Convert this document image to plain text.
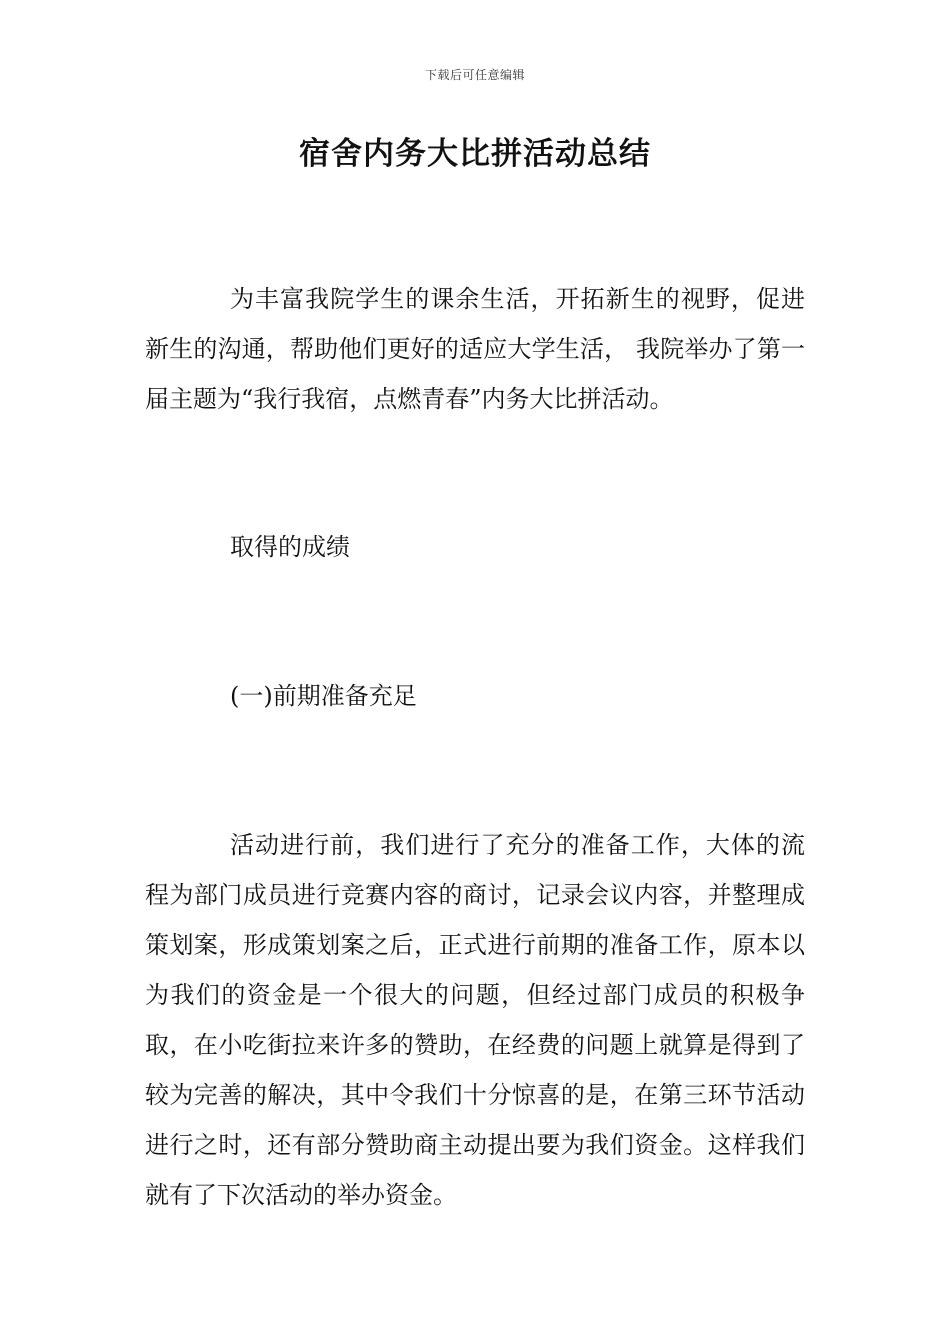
下载后可任意编辑
宿舍内务大比拼活动总结

为丰富我院学生的课余生活，开拓新生的视野，促进新生的沟通，帮助他们更好的适应大学生活， 我院举办了第一届主题为“我行我宿，点燃青春”内务大比拼活动。

取得的成绩

(一)前期准备充足

活动进行前，我们进行了充分的准备工作，大体的流程为部门成员进行竞赛内容的商讨，记录会议内容，并整理成策划案，形成策划案之后，正式进行前期的准备工作，原本以为我们的资金是一个很大的问题，但经过部门成员的积极争取，在小吃街拉来许多的赞助，在经费的问题上就算是得到了较为完善的解决，其中令我们十分惊喜的是，在第三环节活动进行之时，还有部分赞助商主动提出要为我们资金。这样我们就有了下次活动的举办资金。
